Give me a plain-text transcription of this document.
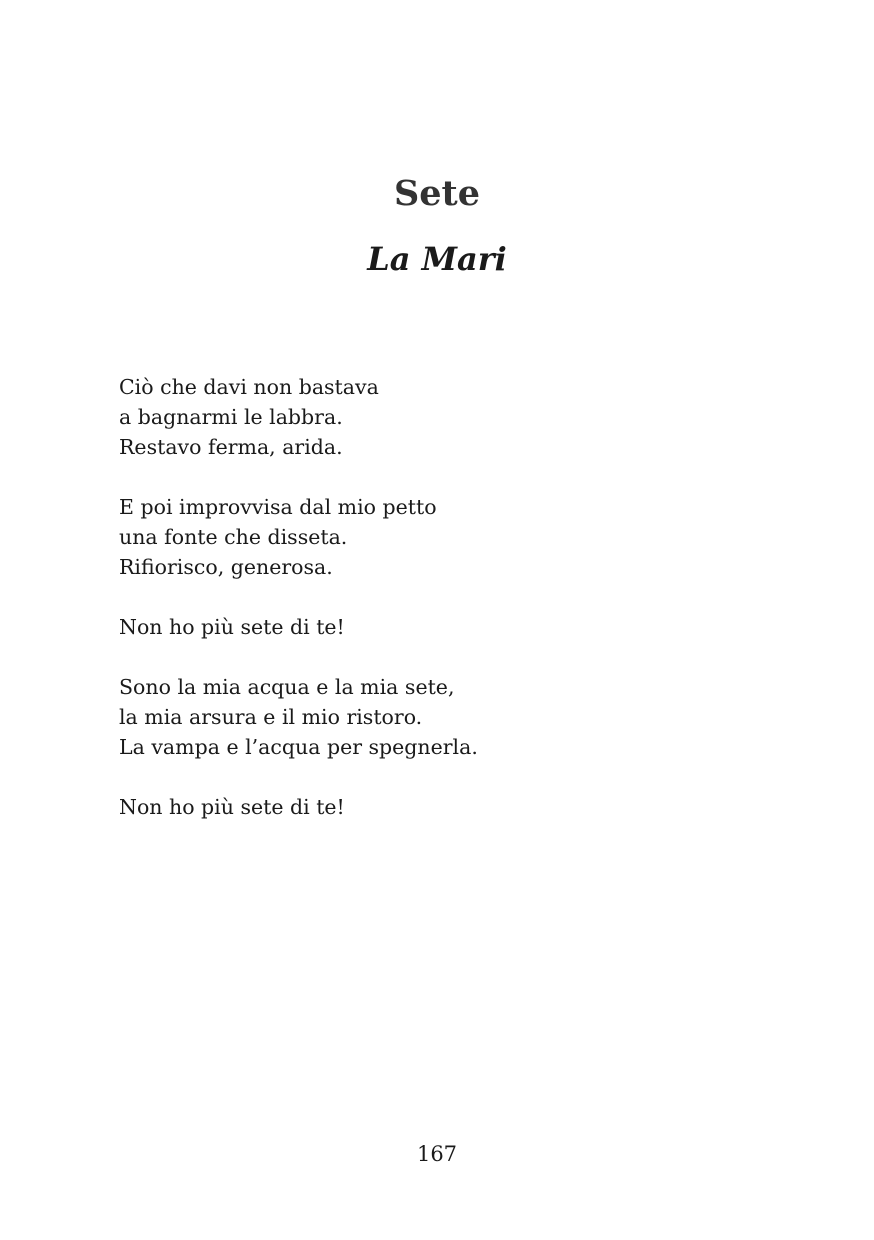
Sete
La Mari
Ciò che davi non bastava
a bagnarmi le labbra.
Restavo ferma, arida.
E poi improvvisa dal mio petto
una fonte che disseta.
Rifiorisco, generosa.
Non ho più sete di te!
Sono la mia acqua e la mia sete,
la mia arsura e il mio ristoro.
La vampa e l’acqua per spegnerla.
Non ho più sete di te!
167
